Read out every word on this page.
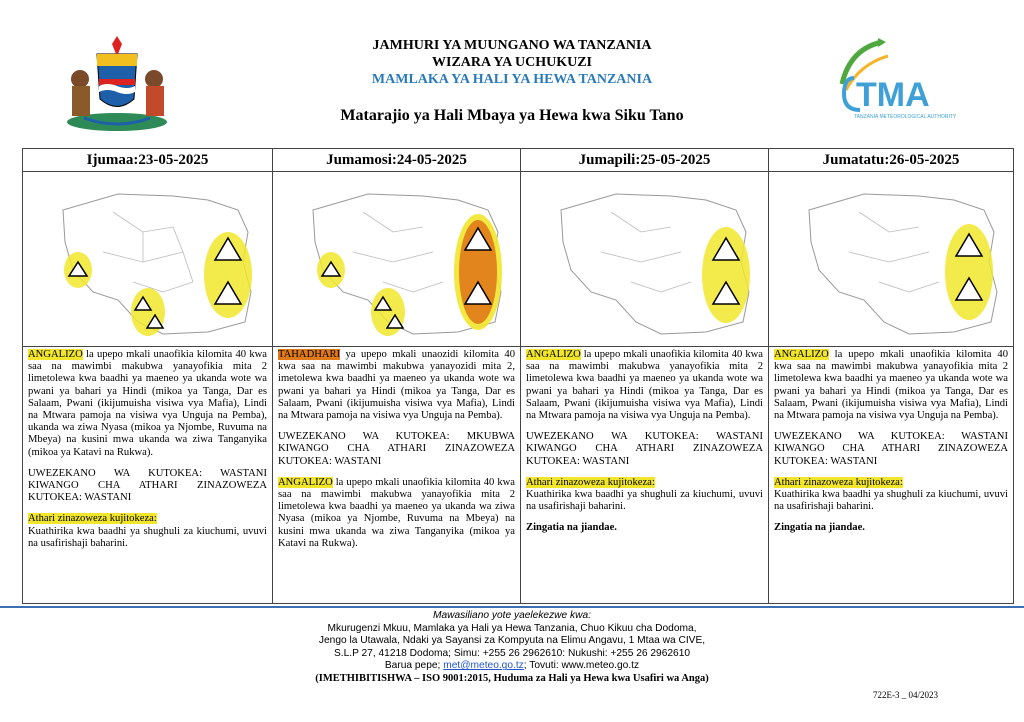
JAMHURI YA MUUNGANO WA TANZANIA
WIZARA YA UCHUKUZI
MAMLAKA YA HALI YA HEWA TANZANIA
Matarajio ya Hali Mbaya ya Hewa kwa Siku Tano
TMA
TANZANIA METEOROLOGICAL AUTHORITY
Ijumaa:23-05-2025

ANGALIZO la upepo mkali unaofikia kilomita 40 kwa saa na mawimbi makubwa yanayofikia mita 2 limetolewa kwa baadhi ya maeneo ya ukanda wote wa pwani ya bahari ya Hindi (mikoa ya Tanga, Dar es Salaam, Pwani (ikijumuisha visiwa vya Mafia), Lindi na Mtwara pamoja na visiwa vya Unguja na Pemba), ukanda wa ziwa Nyasa (mikoa ya Njombe, Ruvuma na Mbeya) na kusini mwa ukanda wa ziwa Tanganyika (mikoa ya Katavi na Rukwa).

UWEZEKANO WA KUTOKEA: WASTANI KIWANGO CHA ATHARI ZINAZOWEZA KUTOKEA: WASTANI

Athari zinazoweza kujitokeza:

Kuathirika kwa baadhi ya shughuli za kiuchumi, uvuvi na usafirishaji baharini.

Jumamosi:24-05-2025

TAHADHARI ya upepo mkali unaozidi kilomita 40 kwa saa na mawimbi makubwa yanayozidi mita 2, imetolewa kwa baadhi ya maeneo ya ukanda wote wa pwani ya bahari ya Hindi (mikoa ya Tanga, Dar es Salaam, Pwani (ikijumuisha visiwa vya Mafia), Lindi na Mtwara pamoja na visiwa vya Unguja na Pemba).

UWEZEKANO WA KUTOKEA: MKUBWA KIWANGO CHA ATHARI ZINAZOWEZA KUTOKEA: WASTANI

ANGALIZO la upepo mkali unaofikia kilomita 40 kwa saa na mawimbi makubwa yanayofikia mita 2 limetolewa kwa baadhi ya maeneo ya ukanda wa ziwa Nyasa (mikoa ya Njombe, Ruvuma na Mbeya) na kusini mwa ukanda wa ziwa Tanganyika (mikoa ya Katavi na Rukwa).

Jumapili:25-05-2025

ANGALIZO la upepo mkali unaofikia kilomita 40 kwa saa na mawimbi makubwa yanayofikia mita 2 limetolewa kwa baadhi ya maeneo ya ukanda wote wa pwani ya bahari ya Hindi (mikoa ya Tanga, Dar es Salaam, Pwani (ikijumuisha visiwa vya Mafia), Lindi na Mtwara pamoja na visiwa vya Unguja na Pemba).

UWEZEKANO WA KUTOKEA: WASTANI KIWANGO CHA ATHARI ZINAZOWEZA KUTOKEA: WASTANI

Athari zinazoweza kujitokeza:

Kuathirika kwa baadhi ya shughuli za kiuchumi, uvuvi na usafirishaji baharini.

Zingatia na jiandae.

Jumatatu:26-05-2025

ANGALIZO la upepo mkali unaofikia kilomita 40 kwa saa na mawimbi makubwa yanayofikia mita 2 limetolewa kwa baadhi ya maeneo ya ukanda wote wa pwani ya bahari ya Hindi (mikoa ya Tanga, Dar es Salaam, Pwani (ikijumuisha visiwa vya Mafia), Lindi na Mtwara pamoja na visiwa vya Unguja na Pemba).

UWEZEKANO WA KUTOKEA: WASTANI KIWANGO CHA ATHARI ZINAZOWEZA KUTOKEA: WASTANI

Athari zinazoweza kujitokeza:

Kuathirika kwa baadhi ya shughuli za kiuchumi, uvuvi na usafirishaji baharini.

Zingatia na jiandae.

Mawasiliano yote yaelekezwe kwa:
Mkurugenzi Mkuu, Mamlaka ya Hali ya Hewa Tanzania, Chuo Kikuu cha Dodoma,
Jengo la Utawala, Ndaki ya Sayansi za Kompyuta na Elimu Angavu, 1 Mtaa wa CIVE,
S.L.P 27, 41218 Dodoma; Simu: +255 26 2962610: Nukushi: +255 26 2962610
Barua pepe; met@meteo.go.tz; Tovuti: www.meteo.go.tz
(IMETHIBITISHWA – ISO 9001:2015, Huduma za Hali ya Hewa kwa Usafiri wa Anga)
722E-3 _ 04/2023
